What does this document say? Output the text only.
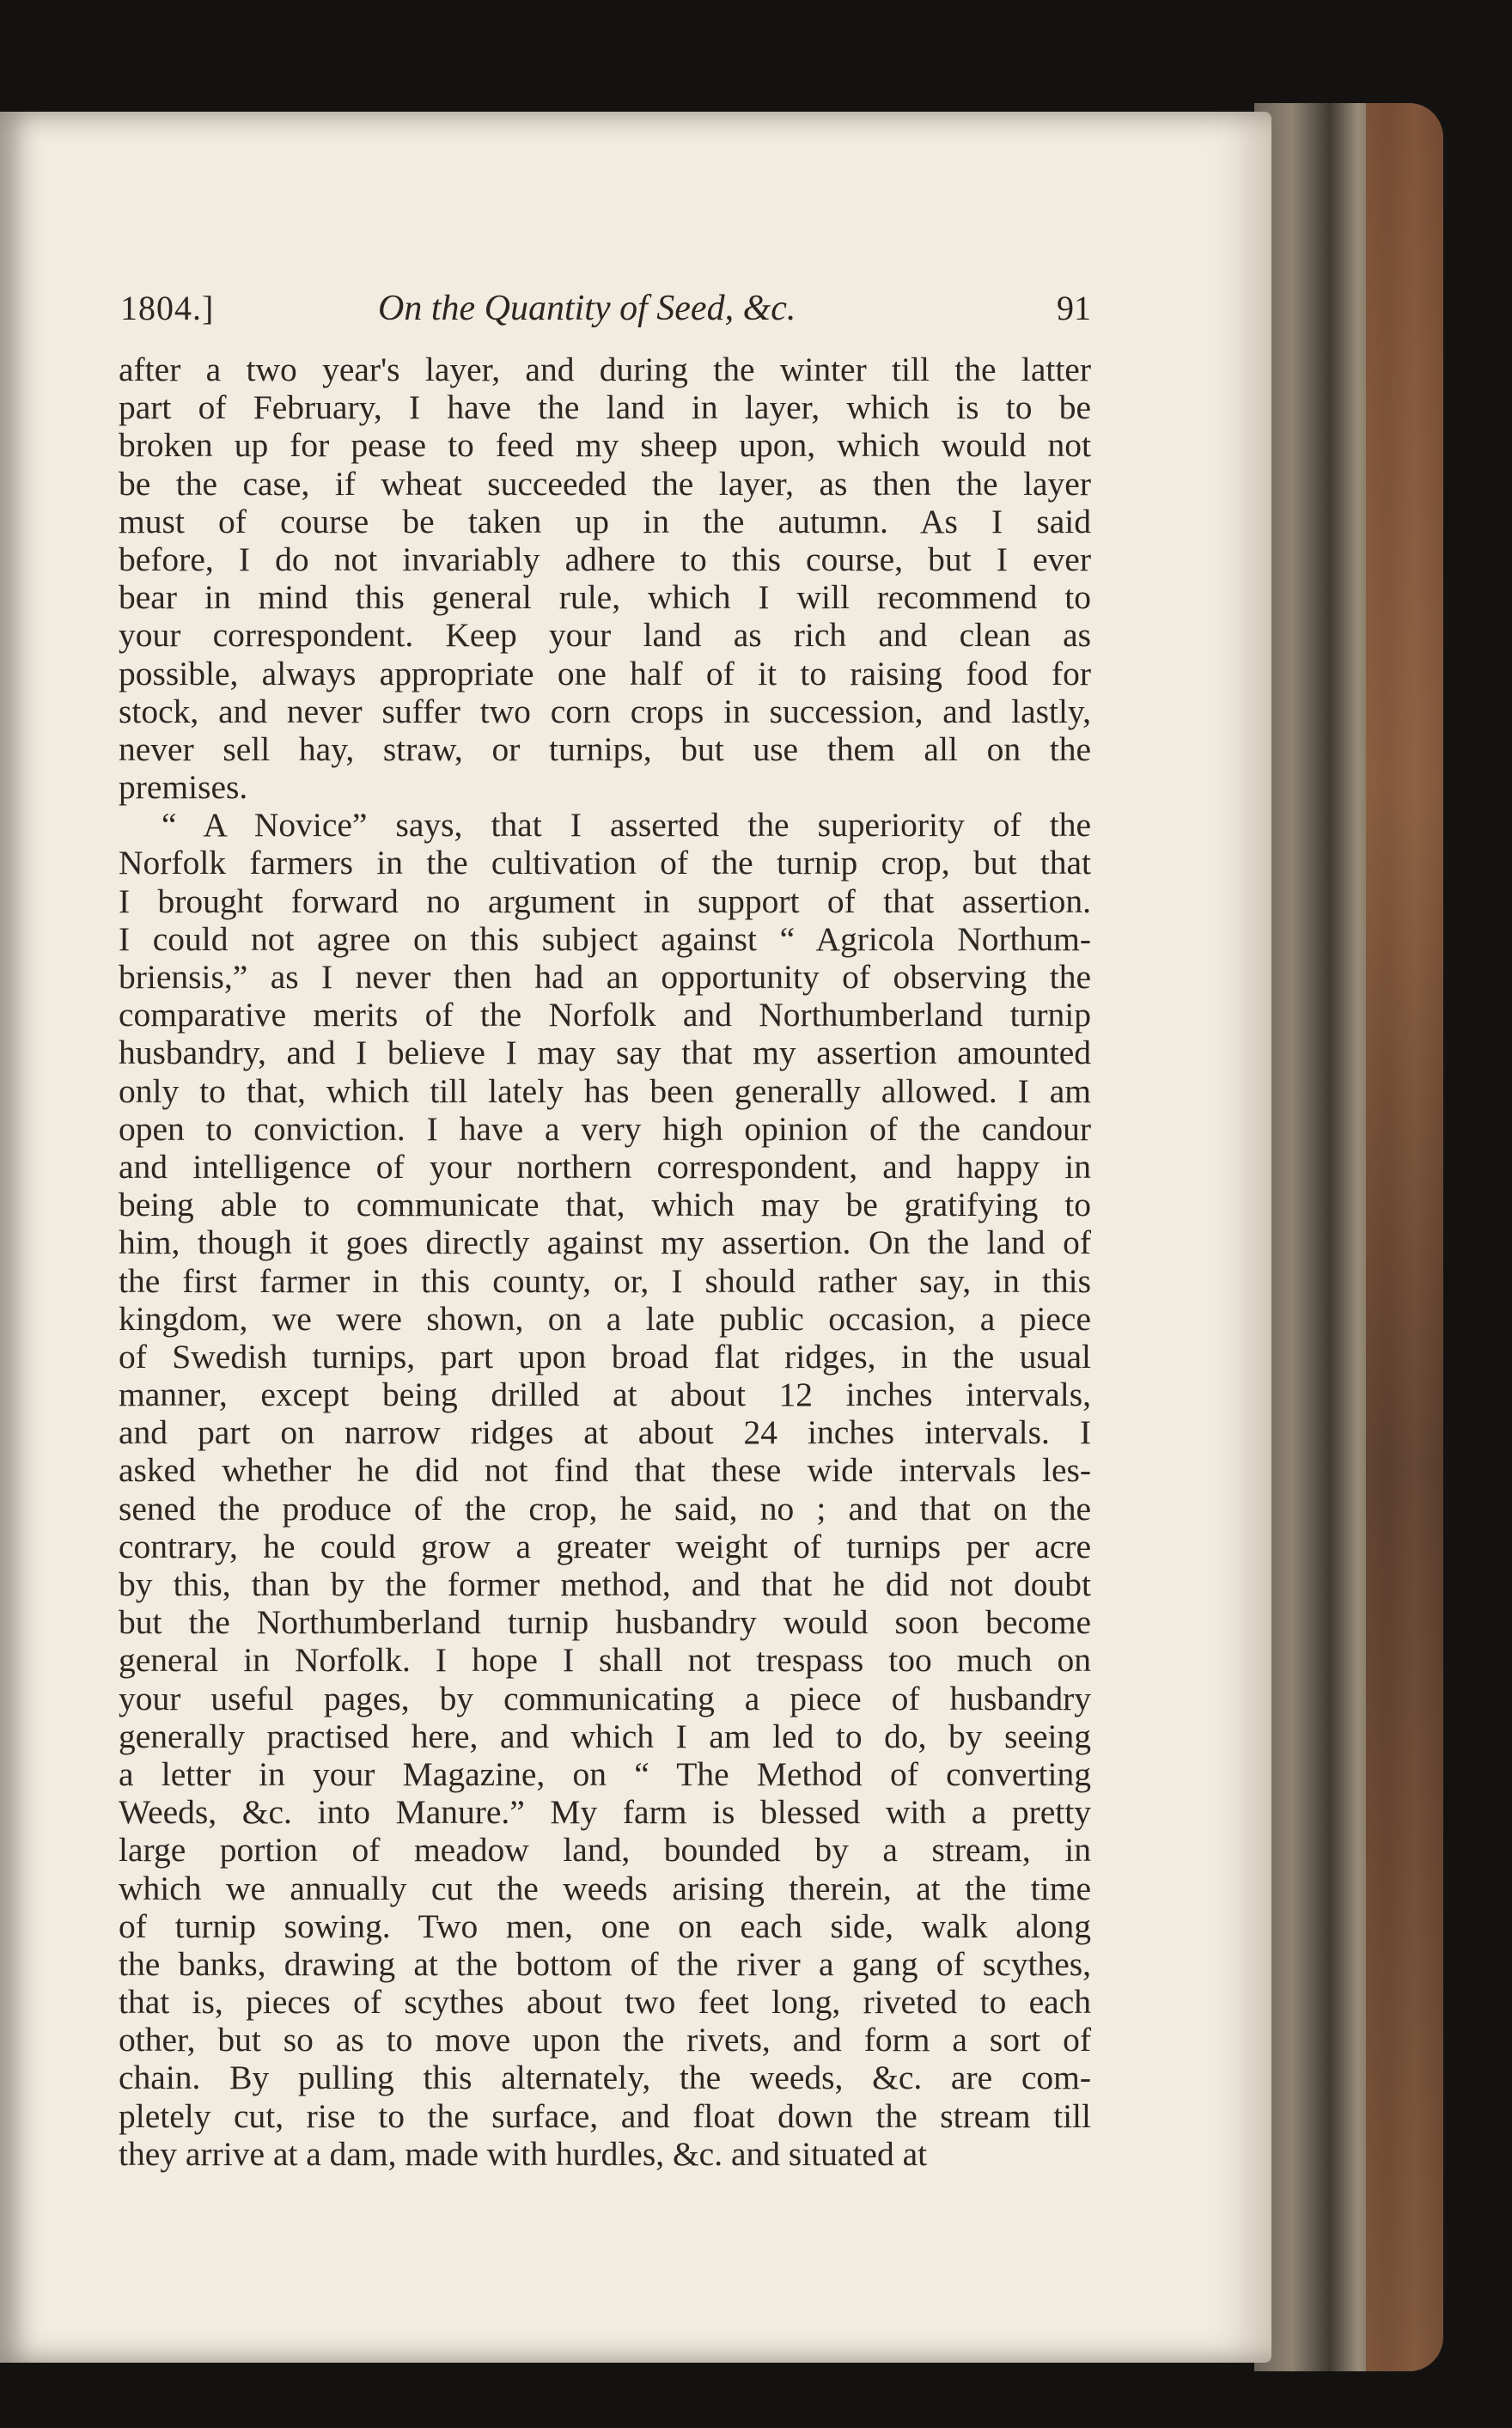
1804.]	On the Quantity of Seed, &c.	91
after a two year's layer, and during the winter till the latter
part of February, I have the land in layer, which is to be
broken up for pease to feed my sheep upon, which would not
be the case, if wheat succeeded the layer, as then the layer
must of course be taken up in the autumn. As I said
before, I do not invariably adhere to this course, but I ever
bear in mind this general rule, which I will recommend to
your correspondent. Keep your land as rich and clean as
possible, always appropriate one half of it to raising food for
stock, and never suffer two corn crops in succession, and lastly,
never sell hay, straw, or turnips, but use them all on the
premises.
“ A Novice” says, that I asserted the superiority of the
Norfolk farmers in the cultivation of the turnip crop, but that
I brought forward no argument in support of that assertion.
I could not agree on this subject against “ Agricola Northum-
briensis,” as I never then had an opportunity of observing the
comparative merits of the Norfolk and Northumberland turnip
husbandry, and I believe I may say that my assertion amounted
only to that, which till lately has been generally allowed. I am
open to conviction. I have a very high opinion of the candour
and intelligence of your northern correspondent, and happy in
being able to communicate that, which may be gratifying to
him, though it goes directly against my assertion. On the land of
the first farmer in this county, or, I should rather say, in this
kingdom, we were shown, on a late public occasion, a piece
of Swedish turnips, part upon broad flat ridges, in the usual
manner, except being drilled at about 12 inches intervals,
and part on narrow ridges at about 24 inches intervals. I
asked whether he did not find that these wide intervals les-
sened the produce of the crop, he said, no ; and that on the
contrary, he could grow a greater weight of turnips per acre
by this, than by the former method, and that he did not doubt
but the Northumberland turnip husbandry would soon become
general in Norfolk. I hope I shall not trespass too much on
your useful pages, by communicating a piece of husbandry
generally practised here, and which I am led to do, by seeing
a letter in your Magazine, on “ The Method of converting
Weeds, &c. into Manure.” My farm is blessed with a pretty
large portion of meadow land, bounded by a stream, in
which we annually cut the weeds arising therein, at the time
of turnip sowing. Two men, one on each side, walk along
the banks, drawing at the bottom of the river a gang of scythes,
that is, pieces of scythes about two feet long, riveted to each
other, but so as to move upon the rivets, and form a sort of
chain. By pulling this alternately, the weeds, &c. are com-
pletely cut, rise to the surface, and float down the stream till
they arrive at a dam, made with hurdles, &c. and situated at
